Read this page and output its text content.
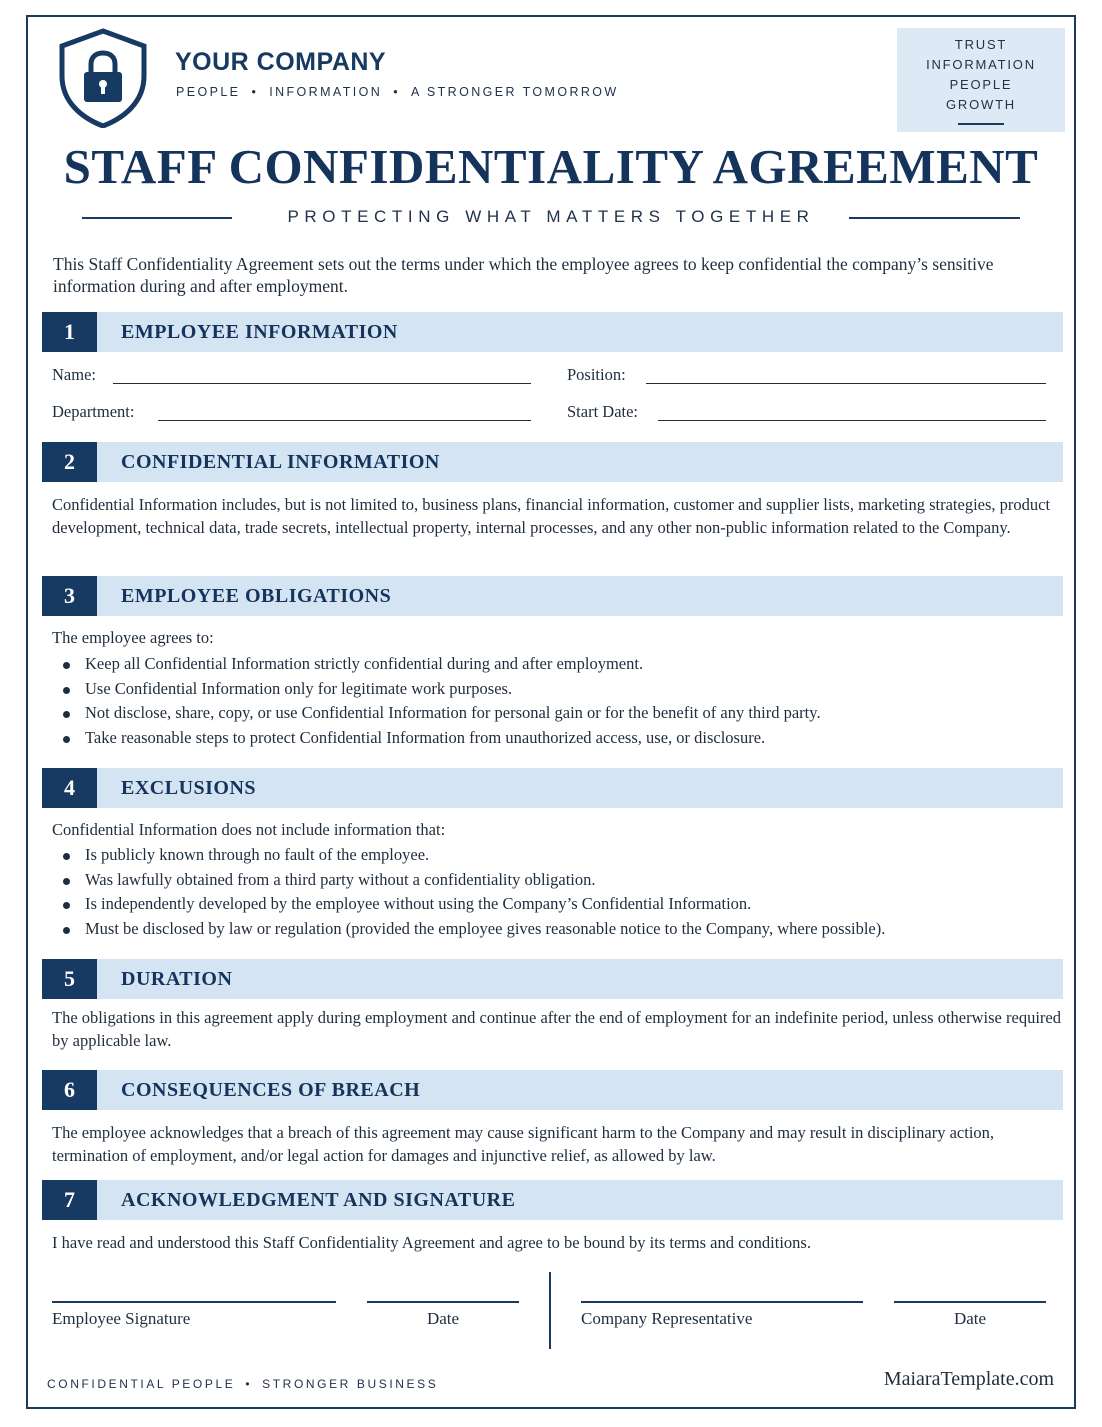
YOUR COMPANY
PEOPLE • INFORMATION • A STRONGER TOMORROW
TRUST
INFORMATION
PEOPLE
GROWTH
STAFF CONFIDENTIALITY AGREEMENT
PROTECTING WHAT MATTERS TOGETHER
This Staff Confidentiality Agreement sets out the terms under which the employee agrees to keep confidential the company’s sensitive information during and after employment.
1	EMPLOYEE INFORMATION
Name:	Position:
Department:	Start Date:
2	CONFIDENTIAL INFORMATION
Confidential Information includes, but is not limited to, business plans, financial information, customer and supplier lists, marketing strategies, product development, technical data, trade secrets, intellectual property, internal processes, and any other non-public information related to the Company.
3	EMPLOYEE OBLIGATIONS
The employee agrees to:
Keep all Confidential Information strictly confidential during and after employment.
Use Confidential Information only for legitimate work purposes.
Not disclose, share, copy, or use Confidential Information for personal gain or for the benefit of any third party.
Take reasonable steps to protect Confidential Information from unauthorized access, use, or disclosure.
4	EXCLUSIONS
Confidential Information does not include information that:
Is publicly known through no fault of the employee.
Was lawfully obtained from a third party without a confidentiality obligation.
Is independently developed by the employee without using the Company’s Confidential Information.
Must be disclosed by law or regulation (provided the employee gives reasonable notice to the Company, where possible).
5	DURATION
The obligations in this agreement apply during employment and continue after the end of employment for an indefinite period, unless otherwise required by applicable law.
6	CONSEQUENCES OF BREACH
The employee acknowledges that a breach of this agreement may cause significant harm to the Company and may result in disciplinary action, termination of employment, and/or legal action for damages and injunctive relief, as allowed by law.
7	ACKNOWLEDGMENT AND SIGNATURE
I have read and understood this Staff Confidentiality Agreement and agree to be bound by its terms and conditions.
Employee Signature	Date	Company Representative	Date
CONFIDENTIAL PEOPLE • STRONGER BUSINESS	MaiaraTemplate.com
